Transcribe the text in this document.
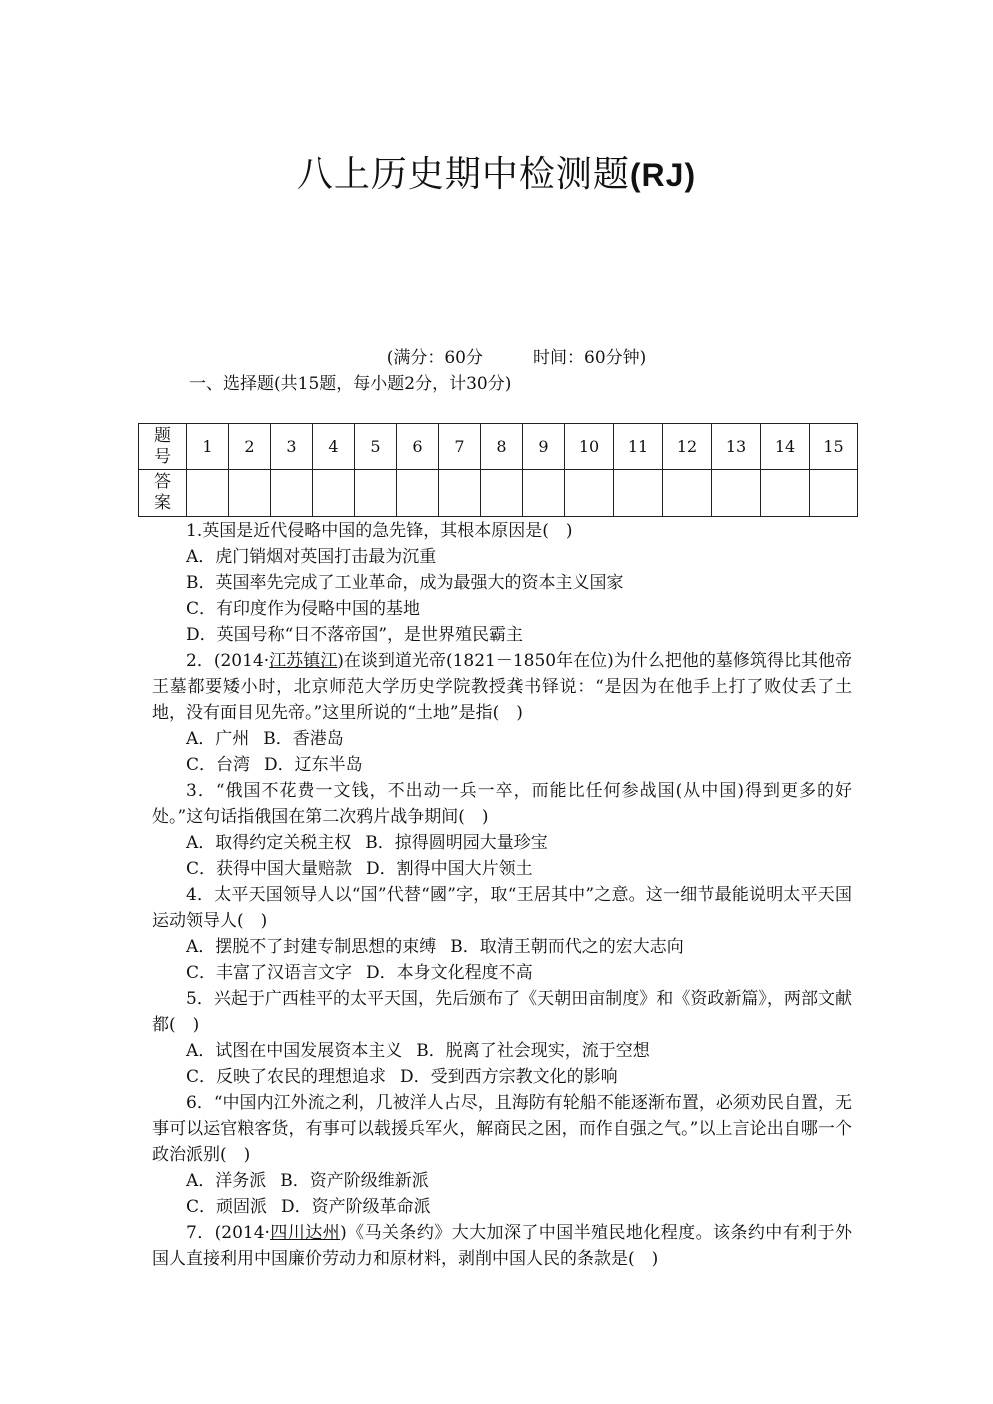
八上历史期中检测题(RJ)
(满分：60分	时间：60分钟)
一、选择题(共15题，每小题2分，计30分)
题号	1	2	3	4	5	6	7	8	9	10	11	12	13	14	15
答案															

1.英国是近代侵略中国的急先锋，其根本原因是(　)

A．虎门销烟对英国打击最为沉重

B．英国率先完成了工业革命，成为最强大的资本主义国家

C．有印度作为侵略中国的基地

D．英国号称“日不落帝国”，是世界殖民霸主

2．(2014·江苏镇江)在谈到道光帝(1821－1850年在位)为什么把他的墓修筑得比其他帝王墓都要矮小时，北京师范大学历史学院教授龚书铎说：“是因为在他手上打了败仗丢了土地，没有面目见先帝。”这里所说的“土地”是指(　)

A．广州 B．香港岛

C．台湾 D．辽东半岛

3．“俄国不花费一文钱，不出动一兵一卒，而能比任何参战国(从中国)得到更多的好处。”这句话指俄国在第二次鸦片战争期间(　)

A．取得约定关税主权 B．掠得圆明园大量珍宝

C．获得中国大量赔款 D．割得中国大片领土

4．太平天国领导人以“国”代替“國”字，取“王居其中”之意。这一细节最能说明太平天国运动领导人(　)

A．摆脱不了封建专制思想的束缚 B．取清王朝而代之的宏大志向

C．丰富了汉语言文字 D．本身文化程度不高

5．兴起于广西桂平的太平天国，先后颁布了《天朝田亩制度》和《资政新篇》，两部文献都(　)

A．试图在中国发展资本主义 B．脱离了社会现实，流于空想

C．反映了农民的理想追求 D．受到西方宗教文化的影响

6．“中国内江外流之利，几被洋人占尽，且海防有轮船不能逐渐布置，必须劝民自置，无事可以运官粮客货，有事可以载援兵军火，解商民之困，而作自强之气。”以上言论出自哪一个政治派别(　)

A．洋务派 B．资产阶级维新派

C．顽固派 D．资产阶级革命派

7．(2014·四川达州)《马关条约》大大加深了中国半殖民地化程度。该条约中有利于外国人直接利用中国廉价劳动力和原材料，剥削中国人民的条款是(　)
